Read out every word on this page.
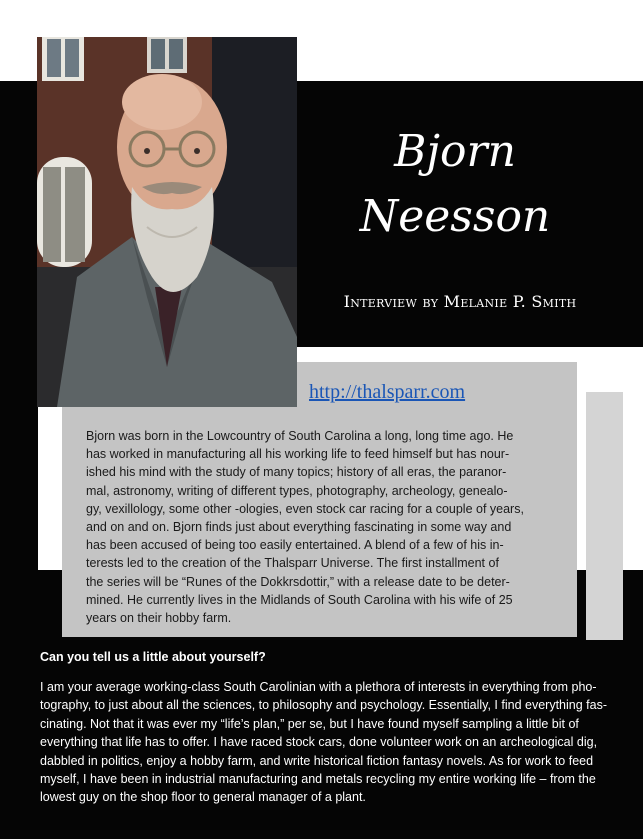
Bjorn
Neesson
Interview by Melanie P. Smith
http://thalsparr.com
Bjorn was born in the Lowcountry of South Carolina a long, long time ago. He
has worked in manufacturing all his working life to feed himself but has nour-
ished his mind with the study of many topics; history of all eras, the paranor-
mal, astronomy, writing of different types, photography, archeology, genealo-
gy, vexillology, some other -ologies, even stock car racing for a couple of years,
and on and on. Bjorn finds just about everything fascinating in some way and
has been accused of being too easily entertained. A blend of a few of his in-
terests led to the creation of the Thalsparr Universe. The first installment of
the series will be “Runes of the Dokkrsdottir,” with a release date to be deter-
mined. He currently lives in the Midlands of South Carolina with his wife of 25
years on their hobby farm.
Can you tell us a little about yourself?
I am your average working-class South Carolinian with a plethora of interests in everything from pho-
tography, to just about all the sciences, to philosophy and psychology. Essentially, I find everything fas-
cinating. Not that it was ever my “life’s plan,” per se, but I have found myself sampling a little bit of
everything that life has to offer. I have raced stock cars, done volunteer work on an archeological dig,
dabbled in politics, enjoy a hobby farm, and write historical fiction fantasy novels. As for work to feed
myself, I have been in industrial manufacturing and metals recycling my entire working life – from the
lowest guy on the shop floor to general manager of a plant.
